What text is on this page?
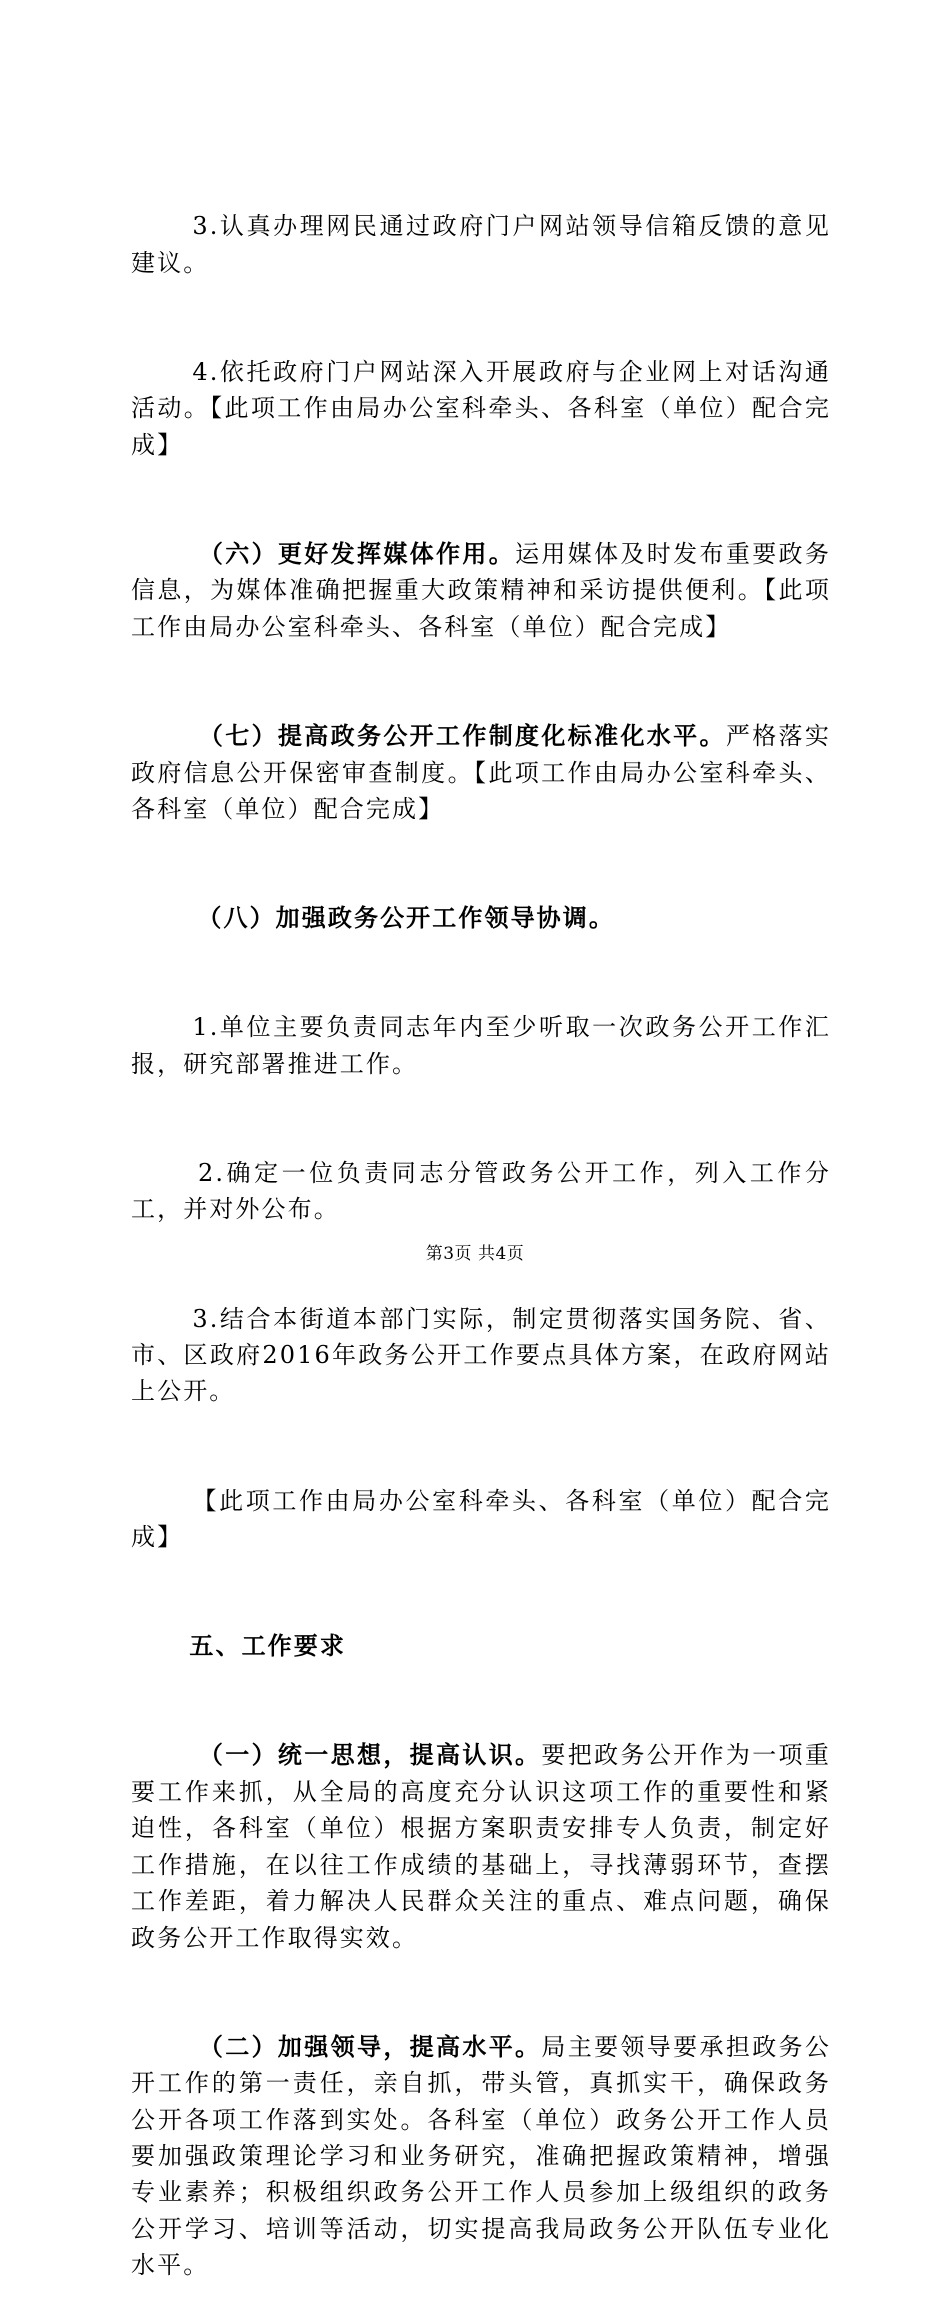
3.认真办理网民通过政府门户网站领导信箱反馈的意见建议。

4.依托政府门户网站深入开展政府与企业网上对话沟通活动。【此项工作由局办公室科牵头、各科室（单位）配合完成】

（六）更好发挥媒体作用。运用媒体及时发布重要政务信息，为媒体准确把握重大政策精神和采访提供便利。【此项工作由局办公室科牵头、各科室（单位）配合完成】

（七）提高政务公开工作制度化标准化水平。严格落实政府信息公开保密审查制度。【此项工作由局办公室科牵头、各科室（单位）配合完成】

（八）加强政务公开工作领导协调。

1.单位主要负责同志年内至少听取一次政务公开工作汇报，研究部署推进工作。

2.确定一位负责同志分管政务公开工作，列入工作分工，并对外公布。

3.结合本街道本部门实际，制定贯彻落实国务院、省、市、区政府2016年政务公开工作要点具体方案，在政府网站上公开。

【此项工作由局办公室科牵头、各科室（单位）配合完成】

五、工作要求

（一）统一思想，提高认识。要把政务公开作为一项重要工作来抓，从全局的高度充分认识这项工作的重要性和紧迫性，各科室（单位）根据方案职责安排专人负责，制定好工作措施，在以往工作成绩的基础上，寻找薄弱环节，查摆工作差距，着力解决人民群众关注的重点、难点问题，确保政务公开工作取得实效。

（二）加强领导，提高水平。局主要领导要承担政务公开工作的第一责任，亲自抓，带头管，真抓实干，确保政务公开各项工作落到实处。各科室（单位）政务公开工作人员要加强政策理论学习和业务研究，准确把握政策精神，增强专业素养；积极组织政务公开工作人员参加上级组织的政务公开学习、培训等活动，切实提高我局政务公开队伍专业化水平。

第3页 共4页
